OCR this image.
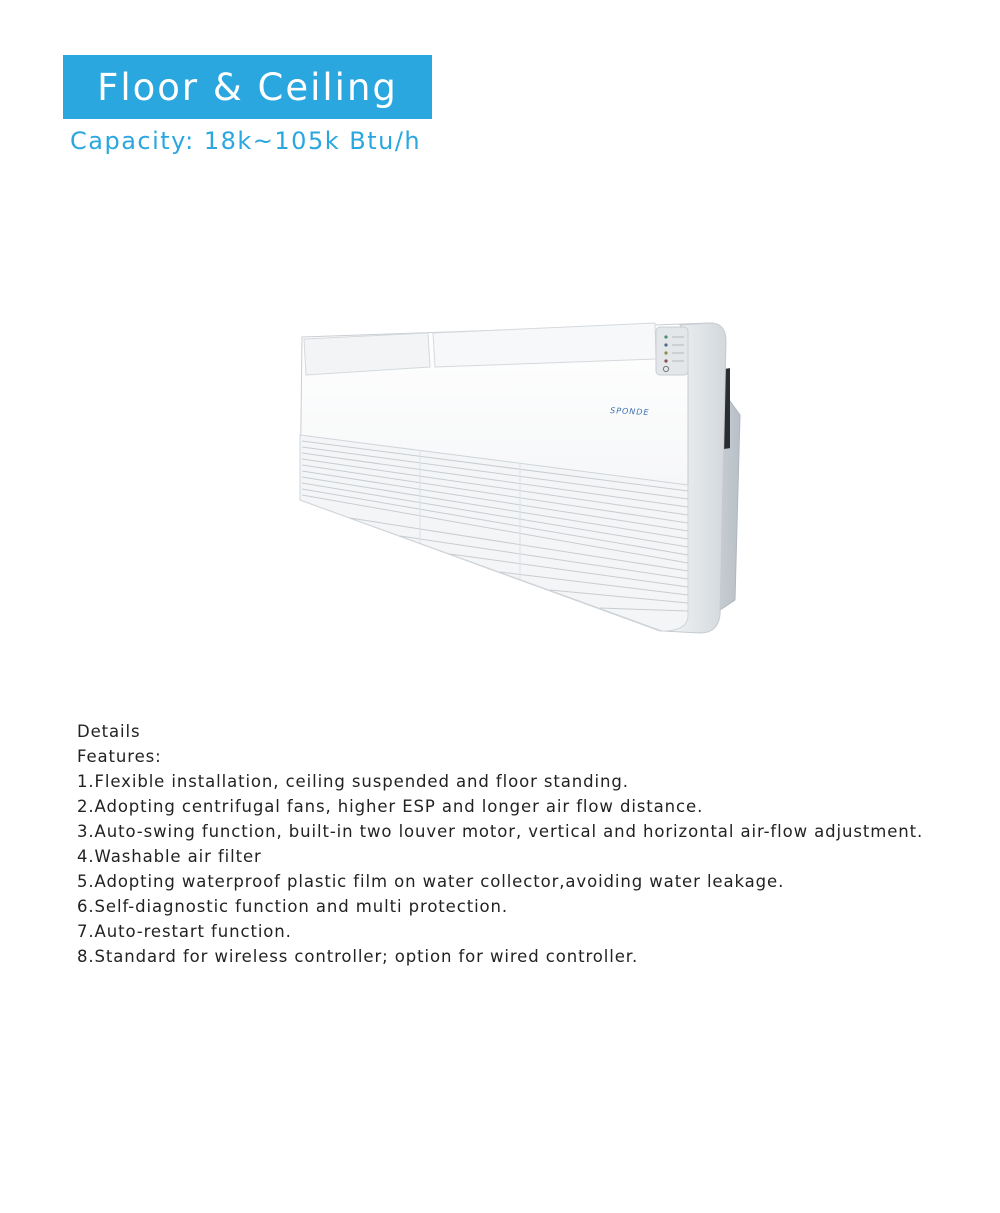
Floor & Ceiling
Capacity: 18k~105k Btu/h
SPONDE
Details
Features:
1.Flexible installation, ceiling suspended and floor standing.
2.Adopting centrifugal fans, higher ESP and longer air flow distance.
3.Auto-swing function, built-in two louver motor, vertical and horizontal air-flow adjustment.
4.Washable air filter
5.Adopting waterproof plastic film on water collector,avoiding water leakage.
6.Self-diagnostic function and multi protection.
7.Auto-restart function.
8.Standard for wireless controller; option for wired controller.
